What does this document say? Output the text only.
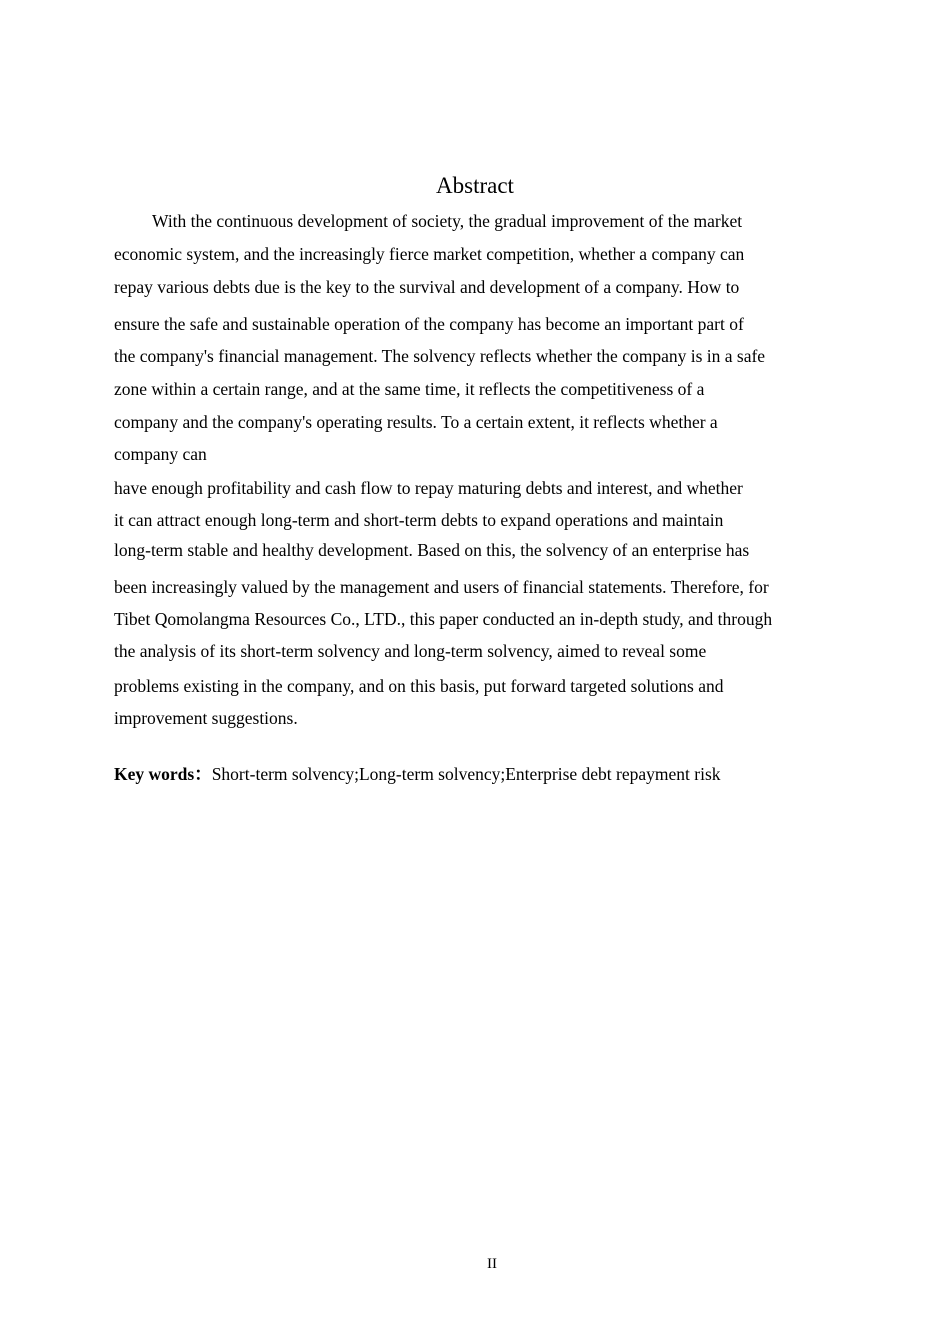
Abstract
With the continuous development of society, the gradual improvement of the market
economic system, and the increasingly fierce market competition, whether a company can
repay various debts due is the key to the survival and development of a company. How to
ensure the safe and sustainable operation of the company has become an important part of
the company's financial management. The solvency reflects whether the company is in a safe
zone within a certain range, and at the same time, it reflects the competitiveness of a
company and the company's operating results. To a certain extent, it reflects whether a
company can
have enough profitability and cash flow to repay maturing debts and interest, and whether
it can attract enough long-term and short-term debts to expand operations and maintain
long-term stable and healthy development. Based on this, the solvency of an enterprise has
been increasingly valued by the management and users of financial statements. Therefore, for
Tibet Qomolangma Resources Co., LTD., this paper conducted an in-depth study, and through
the analysis of its short-term solvency and long-term solvency, aimed to reveal some
problems existing in the company, and on this basis, put forward targeted solutions and
improvement suggestions.
Key words：Short-term solvency;Long-term solvency;Enterprise debt repayment risk
II
